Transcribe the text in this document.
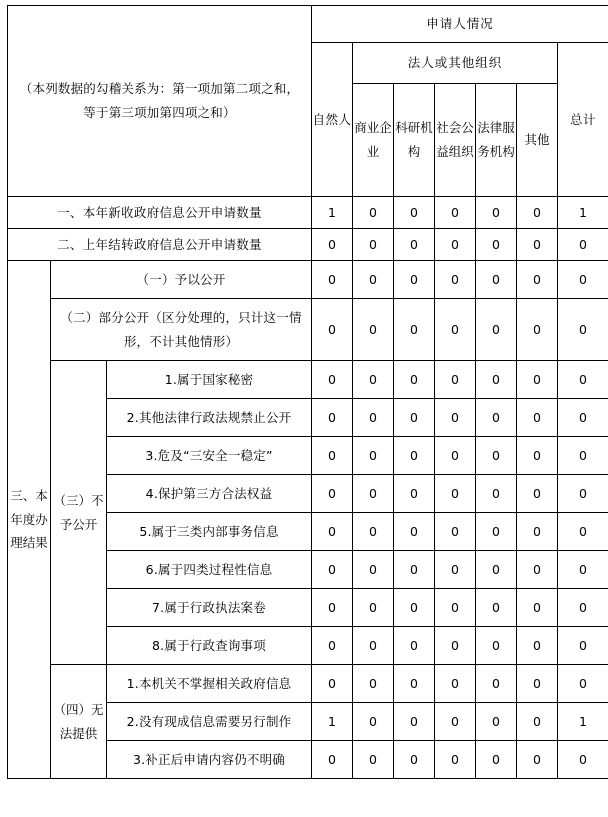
（本列数据的勾稽关系为：第一项加第二项之和，
等于第三项加第四项之和）			申请人情况						
			自然人	法人或其他组织					总计
				商业企业	科研机构	社会公益组织	法律服务机构	其他	
一、本年新收政府信息公开申请数量			1	0	0	0	0	0	1
二、上年结转政府信息公开申请数量			0	0	0	0	0	0	0
三、本年度办理结果	（一）予以公开		0	0	0	0	0	0	0
	（二）部分公开（区分处理的，只计这一情形，不计其他情形）		0	0	0	0	0	0	0
	（三）不予公开	1.属于国家秘密	0	0	0	0	0	0	0
		2.其他法律行政法规禁止公开	0	0	0	0	0	0	0
		3.危及“三安全一稳定”	0	0	0	0	0	0	0
		4.保护第三方合法权益	0	0	0	0	0	0	0
		5.属于三类内部事务信息	0	0	0	0	0	0	0
		6.属于四类过程性信息	0	0	0	0	0	0	0
		7.属于行政执法案卷	0	0	0	0	0	0	0
		8.属于行政查询事项	0	0	0	0	0	0	0
	（四）无法提供	1.本机关不掌握相关政府信息	0	0	0	0	0	0	0
		2.没有现成信息需要另行制作	1	0	0	0	0	0	1
		3.补正后申请内容仍不明确	0	0	0	0	0	0	0
